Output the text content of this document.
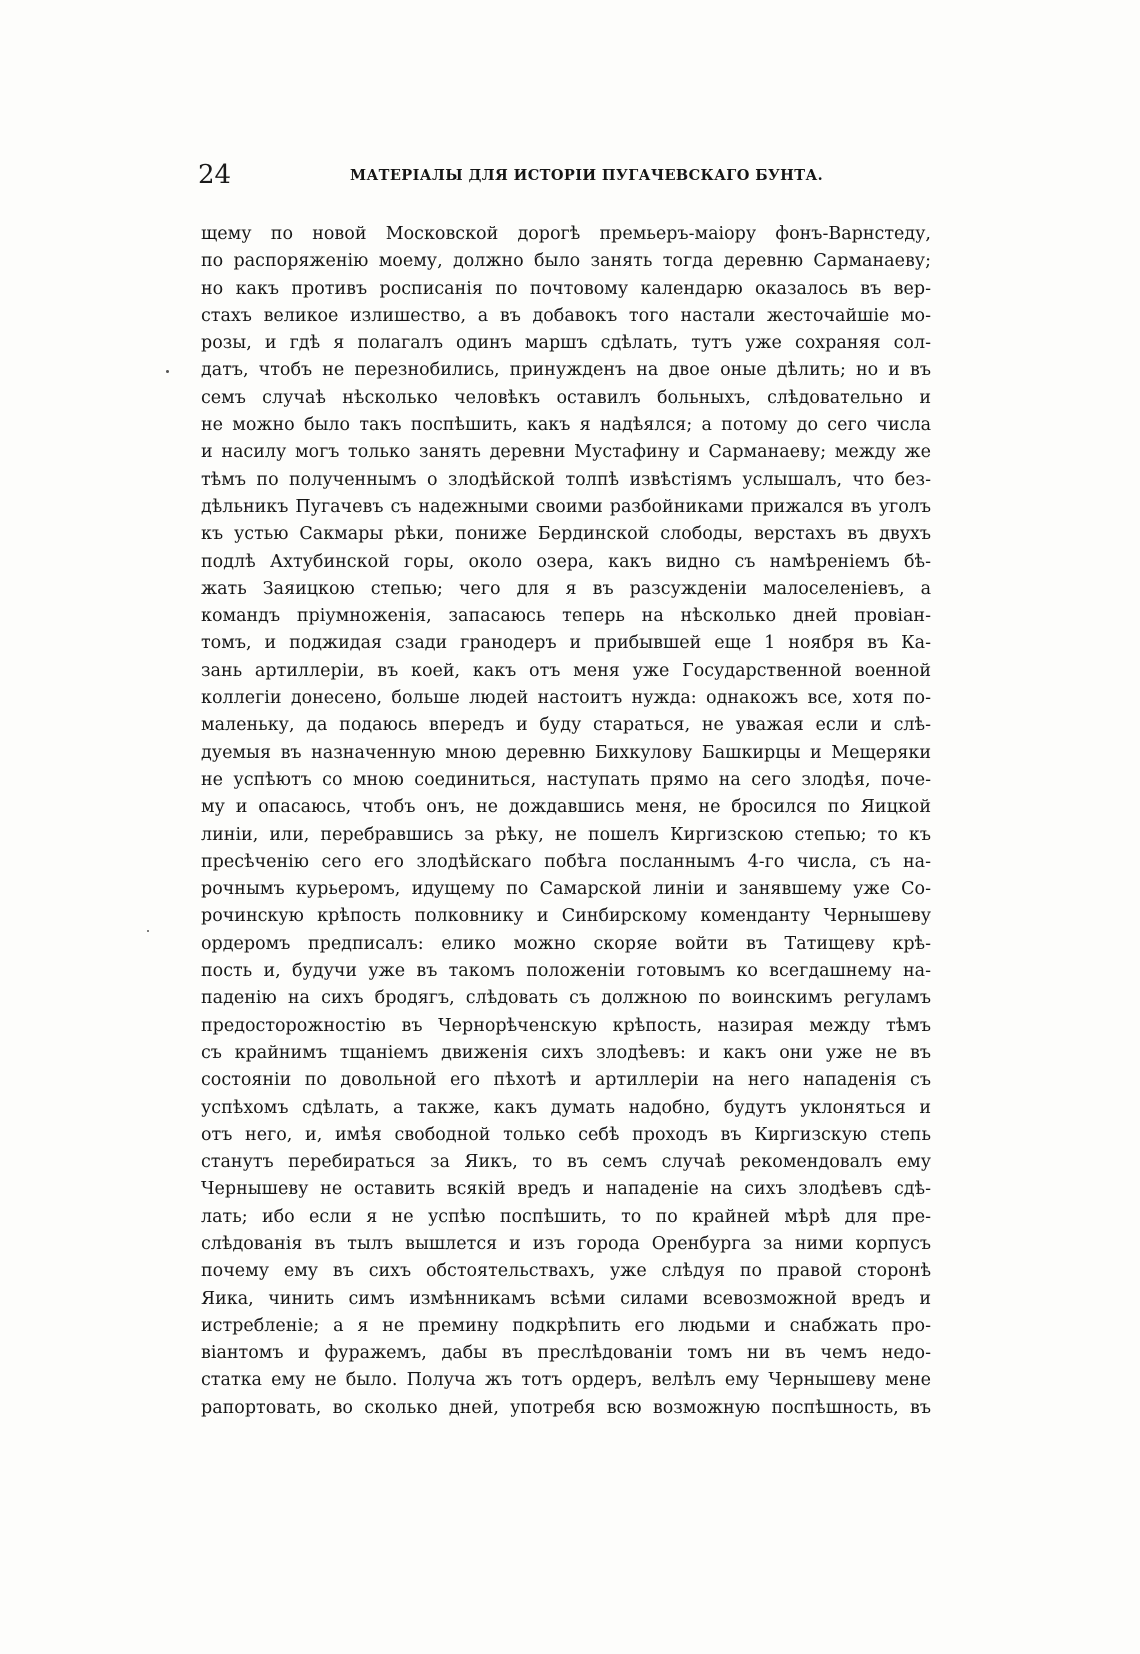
24	МАТЕРІАЛЫ ДЛЯ ИСТОРІИ ПУГАЧЕВСКАГО БУНТА.
щему по новой Московской дорогѣ премьеръ-маіору фонъ-Варнстеду,
по распоряженію моему, должно было занять тогда деревню Сарманаеву;
но какъ противъ росписанія по почтовому календарю оказалось въ вер-
стахъ великое излишество, а въ добавокъ того настали жесточайшіе мо-
розы, и гдѣ я полагалъ одинъ маршъ сдѣлать, тутъ уже сохраняя сол-
датъ, чтобъ не перезнобились, принужденъ на двое оные дѣлить; но и въ
семъ случаѣ нѣсколько человѣкъ оставилъ больныхъ, слѣдовательно и
не можно было такъ поспѣшить, какъ я надѣялся; а потому до сего числа
и насилу могъ только занять деревни Мустафину и Сарманаеву; между же
тѣмъ по полученнымъ о злодѣйской толпѣ извѣстіямъ услышалъ, что без-
дѣльникъ Пугачевъ съ надежными своими разбойниками прижался въ уголъ
къ устью Сакмары рѣки, пониже Бердинской слободы, верстахъ въ двухъ
подлѣ Ахтубинской горы, около озера, какъ видно съ намѣреніемъ бѣ-
жать Заяицкою степью; чего для я въ разсужденіи малоселеніевъ, а
командъ пріумноженія, запасаюсь теперь на нѣсколько дней провіан-
томъ, и поджидая сзади гранодеръ и прибывшей еще 1 ноября въ Ка-
зань артиллеріи, въ коей, какъ отъ меня уже Государственной военной
коллегіи донесено, больше людей настоитъ нужда: однакожъ все, хотя по-
маленьку, да подаюсь впередъ и буду стараться, не уважая если и слѣ-
дуемыя въ назначенную мною деревню Бихкулову Башкирцы и Мещеряки
не успѣютъ со мною соединиться, наступать прямо на сего злодѣя, поче-
му и опасаюсь, чтобъ онъ, не дождавшись меня, не бросился по Яицкой
линіи, или, перебравшись за рѣку, не пошелъ Киргизскою степью; то къ
пресѣченію сего его злодѣйскаго побѣга посланнымъ 4-го числа, съ на-
рочнымъ курьеромъ, идущему по Самарской линіи и занявшему уже Со-
рочинскую крѣпость полковнику и Синбирскому коменданту Чернышеву
ордеромъ предписалъ: елико можно скоряе войти въ Татищеву крѣ-
пость и, будучи уже въ такомъ положеніи готовымъ ко всегдашнему на-
паденію на сихъ бродягъ, слѣдовать съ должною по воинскимъ регуламъ
предосторожностію въ Чернорѣченскую крѣпость, назирая между тѣмъ
съ крайнимъ тщаніемъ движенія сихъ злодѣевъ: и какъ они уже не въ
состояніи по довольной его пѣхотѣ и артиллеріи на него нападенія съ
успѣхомъ сдѣлать, а также, какъ думать надобно, будутъ уклоняться и
отъ него, и, имѣя свободной только себѣ проходъ въ Киргизскую степь
станутъ перебираться за Яикъ, то въ семъ случаѣ рекомендовалъ ему
Чернышеву не оставить всякій вредъ и нападеніе на сихъ злодѣевъ сдѣ-
лать; ибо если я не успѣю поспѣшить, то по крайней мѣрѣ для пре-
слѣдованія въ тылъ вышлется и изъ города Оренбурга за ними корпусъ
почему ему въ сихъ обстоятельствахъ, уже слѣдуя по правой сторонѣ
Яика, чинить симъ измѣнникамъ всѣми силами всевозможной вредъ и
истребленіе; а я не премину подкрѣпить его людьми и снабжать про-
віантомъ и фуражемъ, дабы въ преслѣдованіи томъ ни въ чемъ недо-
статка ему не было. Получа жъ тотъ ордеръ, велѣлъ ему Чернышеву мене
рапортовать, во сколько дней, употребя всю возможную поспѣшность, въ
